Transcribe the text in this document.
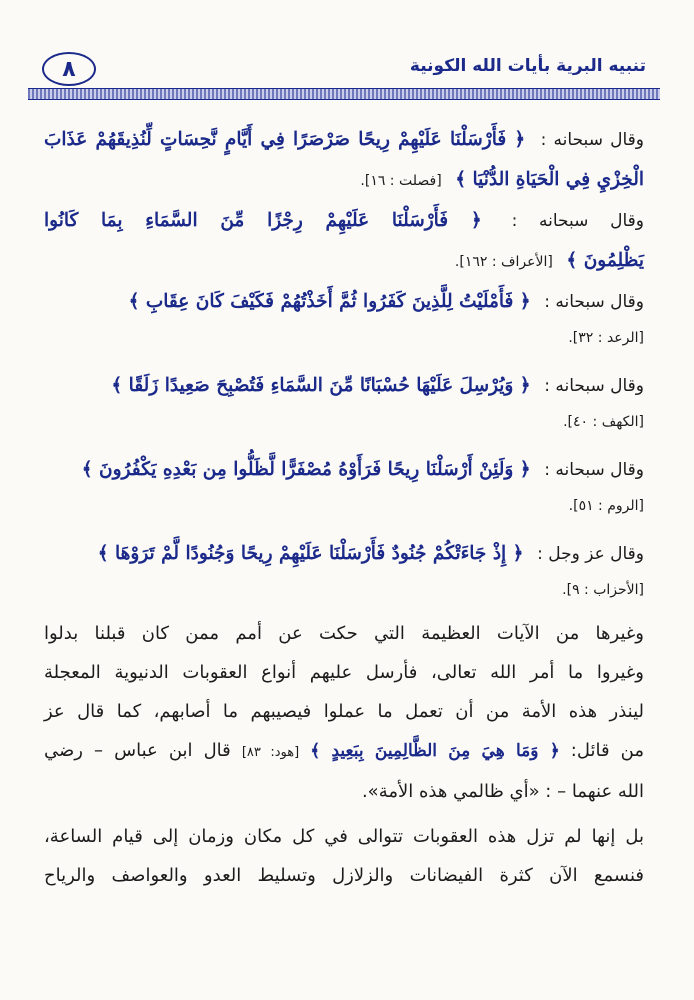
٨	تنبيه البرية بأيات الله الكونية
وقال سبحانه : ﴿ فَأَرْسَلْنَا عَلَيْهِمْ رِيحًا صَرْصَرًا فِي أَيَّامٍ نَّحِسَاتٍ لِّنُذِيقَهُمْ عَذَابَ
الْخِزْيِ فِي الْحَيَاةِ الدُّنْيَا ﴾ [فصلت : ١٦].
وقال سبحانه : ﴿ فَأَرْسَلْنَا عَلَيْهِمْ رِجْزًا مِّنَ السَّمَاءِ بِمَا كَانُوا
يَظْلِمُونَ ﴾ [الأعراف : ١٦٢].
وقال سبحانه : ﴿ فَأَمْلَيْتُ لِلَّذِينَ كَفَرُوا ثُمَّ أَخَذْتُهُمْ فَكَيْفَ كَانَ عِقَابِ ﴾
[الرعد : ٣٢].
وقال سبحانه : ﴿ وَيُرْسِلَ عَلَيْهَا حُسْبَانًا مِّنَ السَّمَاءِ فَتُصْبِحَ صَعِيدًا زَلَقًا ﴾
[الكهف : ٤٠].
وقال سبحانه : ﴿ وَلَئِنْ أَرْسَلْنَا رِيحًا فَرَأَوْهُ مُصْفَرًّا لَّظَلُّوا مِن بَعْدِهِ يَكْفُرُونَ ﴾
[الروم : ٥١].
وقال عز وجل : ﴿ إِذْ جَاءَتْكُمْ جُنُودٌ فَأَرْسَلْنَا عَلَيْهِمْ رِيحًا وَجُنُودًا لَّمْ تَرَوْهَا ﴾
[الأحزاب : ٩].
وغيرها من الآيات العظيمة التي حكت عن أمم ممن كان قبلنا بدلوا
وغيروا ما أمر الله تعالى، فأرسل عليهم أنواع العقوبات الدنيوية المعجلة
لينذر هذه الأمة من أن تعمل ما عملوا فيصيبهم ما أصابهم، كما قال عز
من قائل: ﴿ وَمَا هِيَ مِنَ الظَّالِمِينَ بِبَعِيدٍ ﴾ [هود: ٨٣] قال ابن عباس – رضي
الله عنهما – : «أي ظالمي هذه الأمة».
بل إنها لم تزل هذه العقوبات تتوالى في كل مكان وزمان إلى قيام الساعة،
فنسمع الآن كثرة الفيضانات والزلازل وتسليط العدو والعواصف والرياح
